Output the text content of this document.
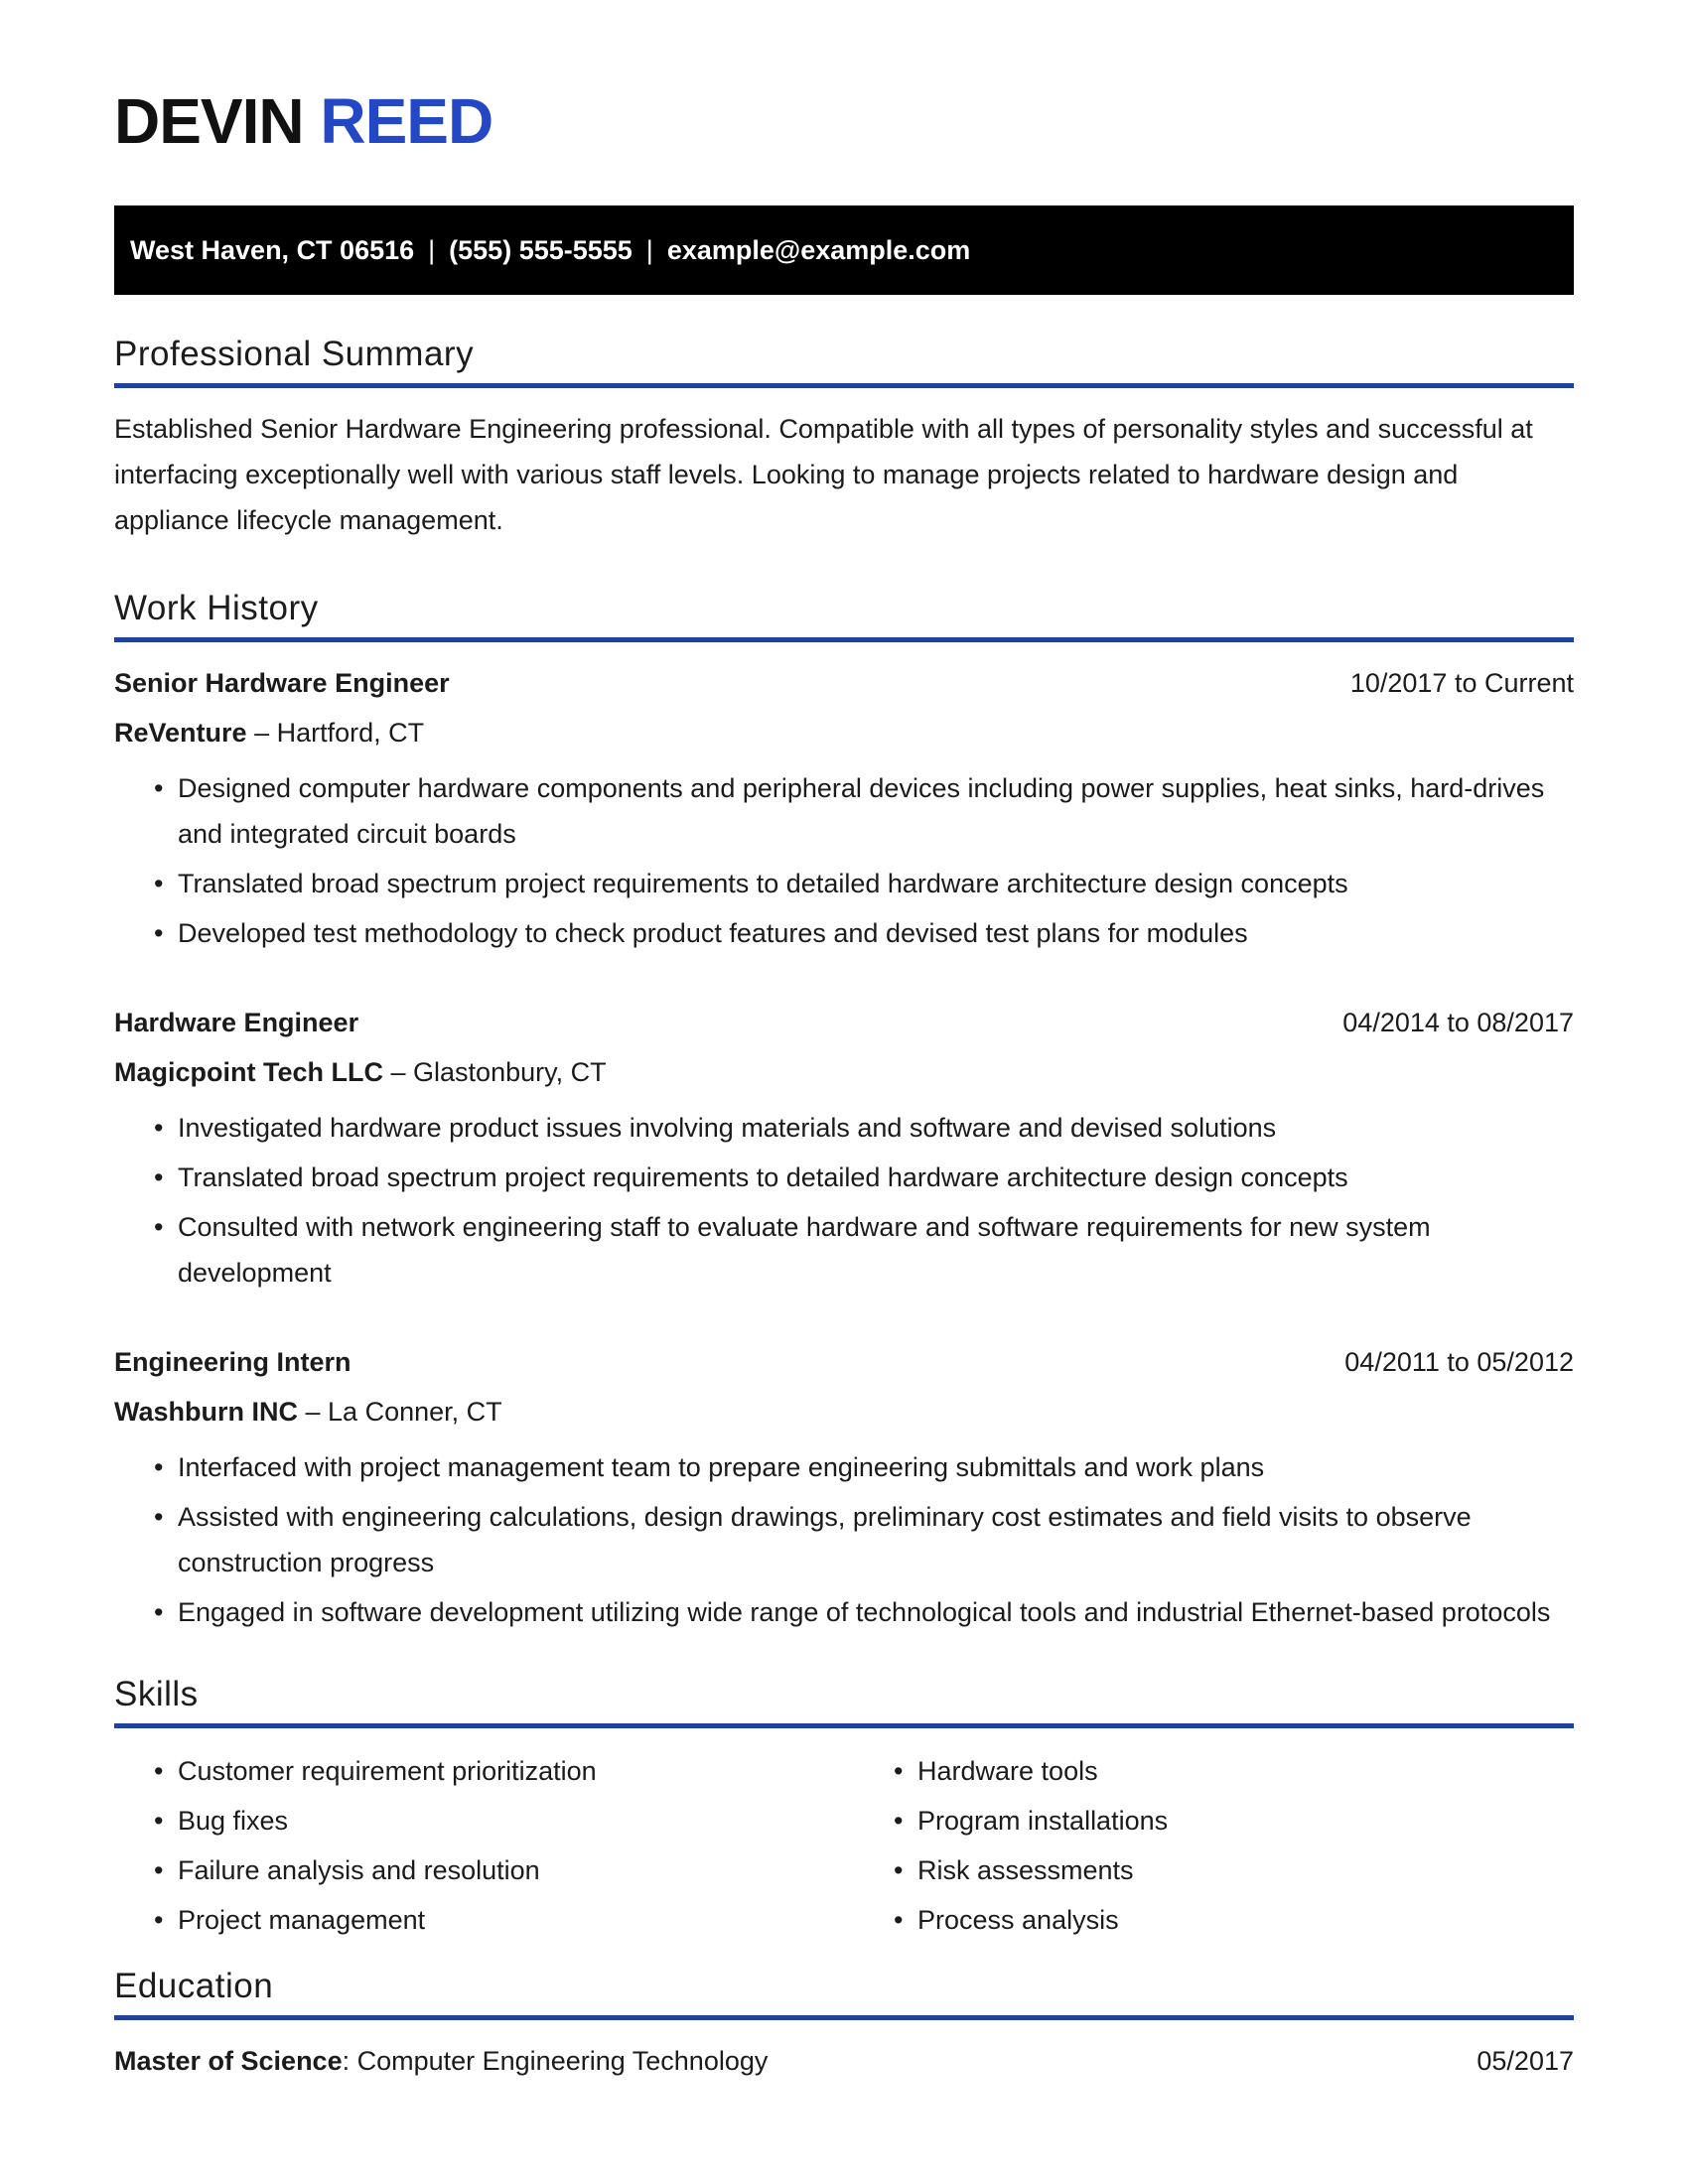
DEVIN REED
West Haven, CT 06516 | (555) 555-5555 | example@example.com
Professional Summary

Established Senior Hardware Engineering professional. Compatible with all types of personality styles and successful at interfacing exceptionally well with various staff levels. Looking to manage projects related to hardware design and appliance lifecycle management.

Work History
Senior Hardware Engineer	10/2017 to Current
ReVenture – Hartford, CT
• Designed computer hardware components and peripheral devices including power supplies, heat sinks, hard-drives and integrated circuit boards
• Translated broad spectrum project requirements to detailed hardware architecture design concepts
• Developed test methodology to check product features and devised test plans for modules
Hardware Engineer	04/2014 to 08/2017
Magicpoint Tech LLC – Glastonbury, CT
• Investigated hardware product issues involving materials and software and devised solutions
• Translated broad spectrum project requirements to detailed hardware architecture design concepts
• Consulted with network engineering staff to evaluate hardware and software requirements for new system development
Engineering Intern	04/2011 to 05/2012
Washburn INC – La Conner, CT
• Interfaced with project management team to prepare engineering submittals and work plans
• Assisted with engineering calculations, design drawings, preliminary cost estimates and field visits to observe construction progress
• Engaged in software development utilizing wide range of technological tools and industrial Ethernet-based protocols
Skills
• Customer requirement prioritization
• Bug fixes
• Failure analysis and resolution
• Project management
• Hardware tools
• Program installations
• Risk assessments
• Process analysis
Education
Master of Science: Computer Engineering Technology	05/2017
